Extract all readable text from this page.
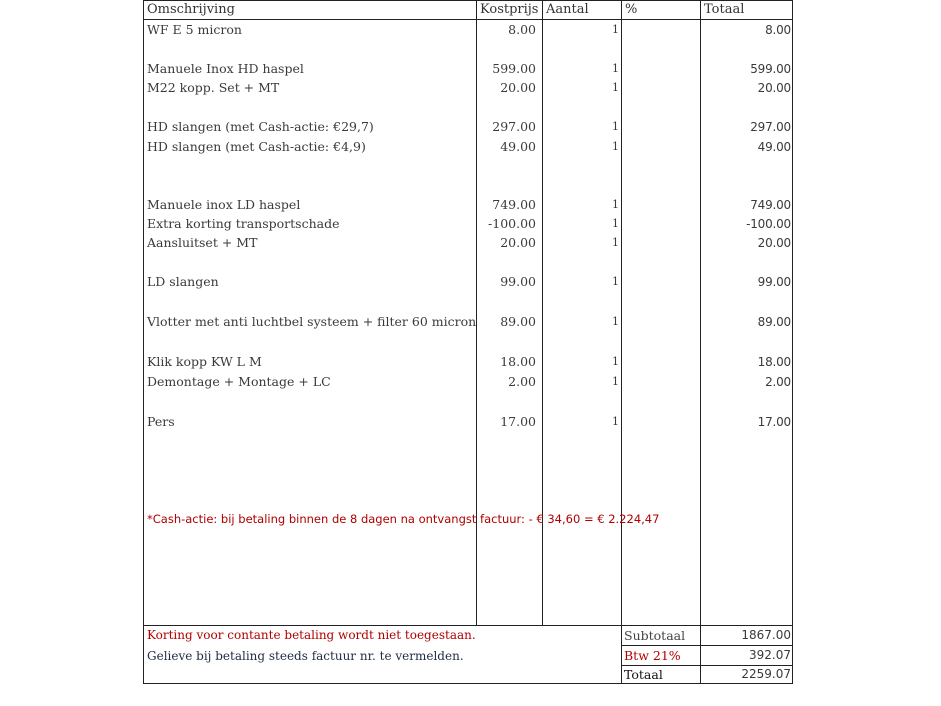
Omschrijving	Kostprijs Aantal	%	Totaal
WF E 5 micron	8.00	1	8.00
Manuele Inox HD haspel	599.00	1	599.00
M22 kopp. Set + MT	20.00	1	20.00
HD slangen (met Cash-actie: €29,7)	297.00	1	297.00
HD slangen (met Cash-actie: €4,9)	49.00	1	49.00
Manuele inox LD haspel	749.00	1	749.00
Extra korting transportschade	-100.00	1	-100.00
Aansluitset + MT	20.00	1	20.00
LD slangen	99.00	1	99.00
Vlotter met anti luchtbel systeem + filter 60 micron 89.00	1	89.00
Klik kopp KW L M	18.00	1	18.00
Demontage + Montage + LC	2.00	1	2.00
Pers	17.00	1	17.00
*Cash-actie: bij betaling binnen de 8 dagen na ontvangst factuur: - € 34,60 = € 2.224,47
Korting voor contante betaling wordt niet toegestaan.
Gelieve bij betaling steeds factuur nr. te vermelden.
Subtotaal	1867.00
Btw 21%	392.07
Totaal	2259.07
